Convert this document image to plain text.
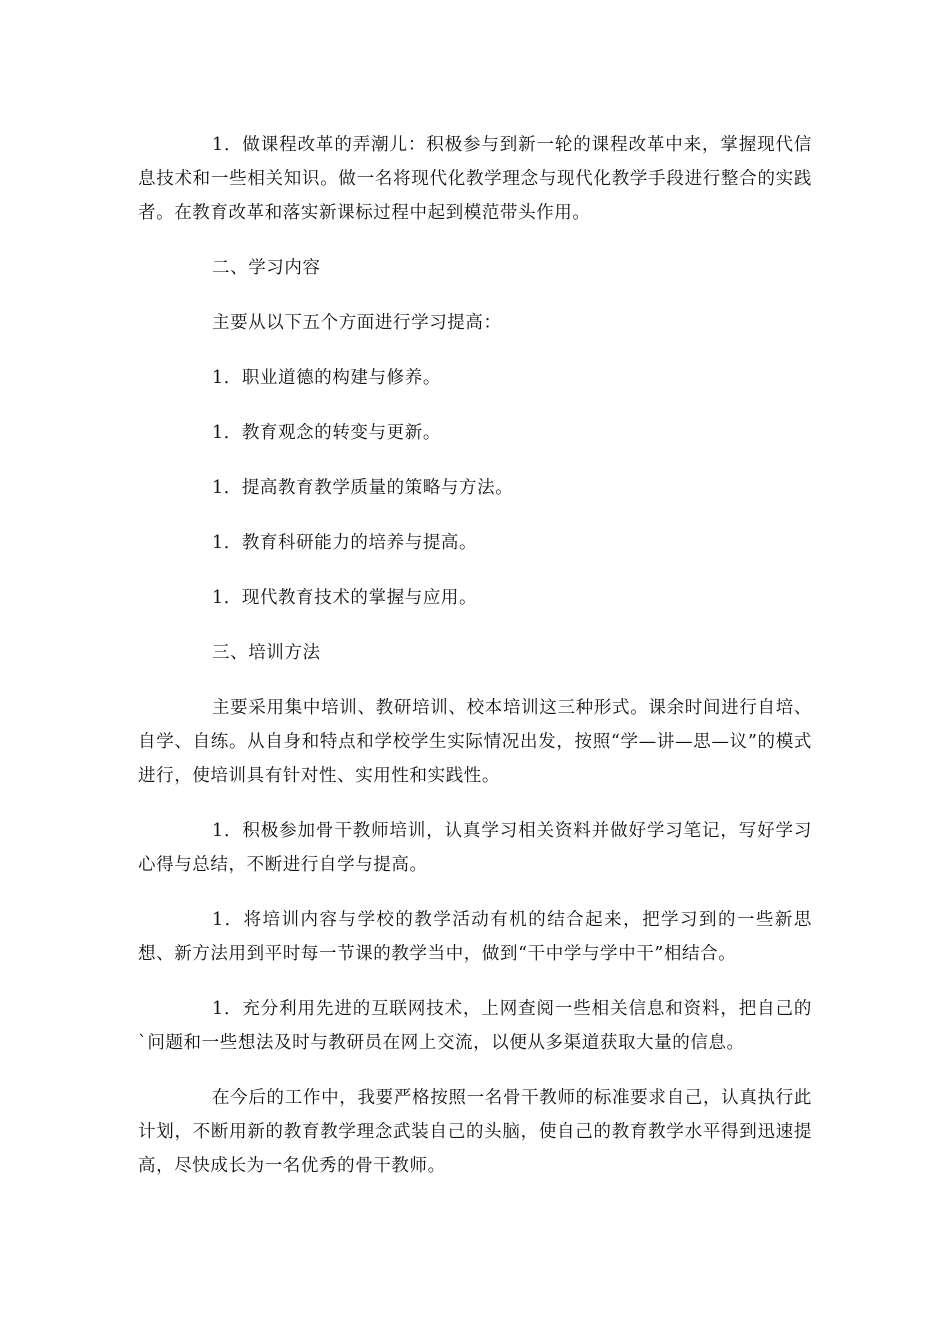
1．做课程改革的弄潮儿：积极参与到新一轮的课程改革中来，掌握现代信息技术和一些相关知识。做一名将现代化教学理念与现代化教学手段进行整合的实践者。在教育改革和落实新课标过程中起到模范带头作用。

二、学习内容

主要从以下五个方面进行学习提高：

1．职业道德的构建与修养。

1．教育观念的转变与更新。

1．提高教育教学质量的策略与方法。

1．教育科研能力的培养与提高。

1．现代教育技术的掌握与应用。

三、培训方法

主要采用集中培训、教研培训、校本培训这三种形式。课余时间进行自培、自学、自练。从自身和特点和学校学生实际情况出发，按照“学—讲—思—议”的模式进行，使培训具有针对性、实用性和实践性。

1．积极参加骨干教师培训，认真学习相关资料并做好学习笔记，写好学习心得与总结，不断进行自学与提高。

1．将培训内容与学校的教学活动有机的结合起来，把学习到的一些新思想、新方法用到平时每一节课的教学当中，做到“干中学与学中干”相结合。

1．充分利用先进的互联网技术，上网查阅一些相关信息和资料，把自己的`问题和一些想法及时与教研员在网上交流，以便从多渠道获取大量的信息。

在今后的工作中，我要严格按照一名骨干教师的标准要求自己，认真执行此计划，不断用新的教育教学理念武装自己的头脑，使自己的教育教学水平得到迅速提高，尽快成长为一名优秀的骨干教师。
